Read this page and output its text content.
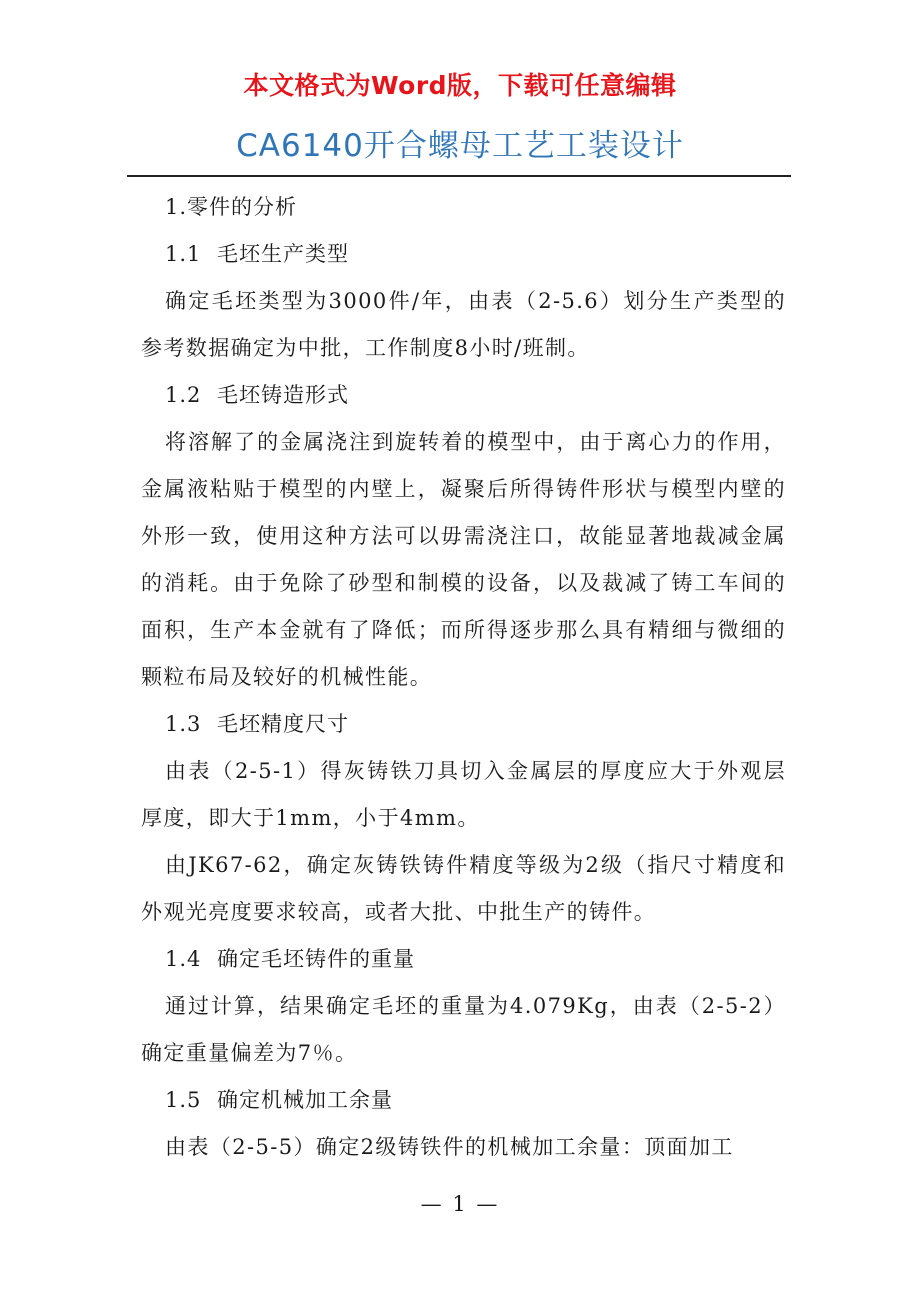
本文格式为Word版，下载可任意编辑
CA6140开合螺母工艺工装设计

1.零件的分析

1.1 毛坯生产类型

确定毛坯类型为3000件/年，由表（2-5.6）划分生产类型的参考数据确定为中批，工作制度8小时/班制。

1.2 毛坯铸造形式

将溶解了的金属浇注到旋转着的模型中，由于离心力的作用，金属液粘贴于模型的内壁上，凝聚后所得铸件形状与模型内壁的外形一致，使用这种方法可以毋需浇注口，故能显著地裁减金属的消耗。由于免除了砂型和制模的设备，以及裁减了铸工车间的面积，生产本金就有了降低；而所得逐步那么具有精细与微细的颗粒布局及较好的机械性能。

1.3 毛坯精度尺寸

由表（2-5-1）得灰铸铁刀具切入金属层的厚度应大于外观层厚度，即大于1mm，小于4mm。

由JK67-62，确定灰铸铁铸件精度等级为2级（指尺寸精度和外观光亮度要求较高，或者大批、中批生产的铸件。

1.4 确定毛坯铸件的重量

通过计算，结果确定毛坯的重量为4.079Kg，由表（2-5-2）确定重量偏差为7％。

1.5 确定机械加工余量

由表（2-5-5）确定2级铸铁件的机械加工余量：顶面加工

— 1 —
